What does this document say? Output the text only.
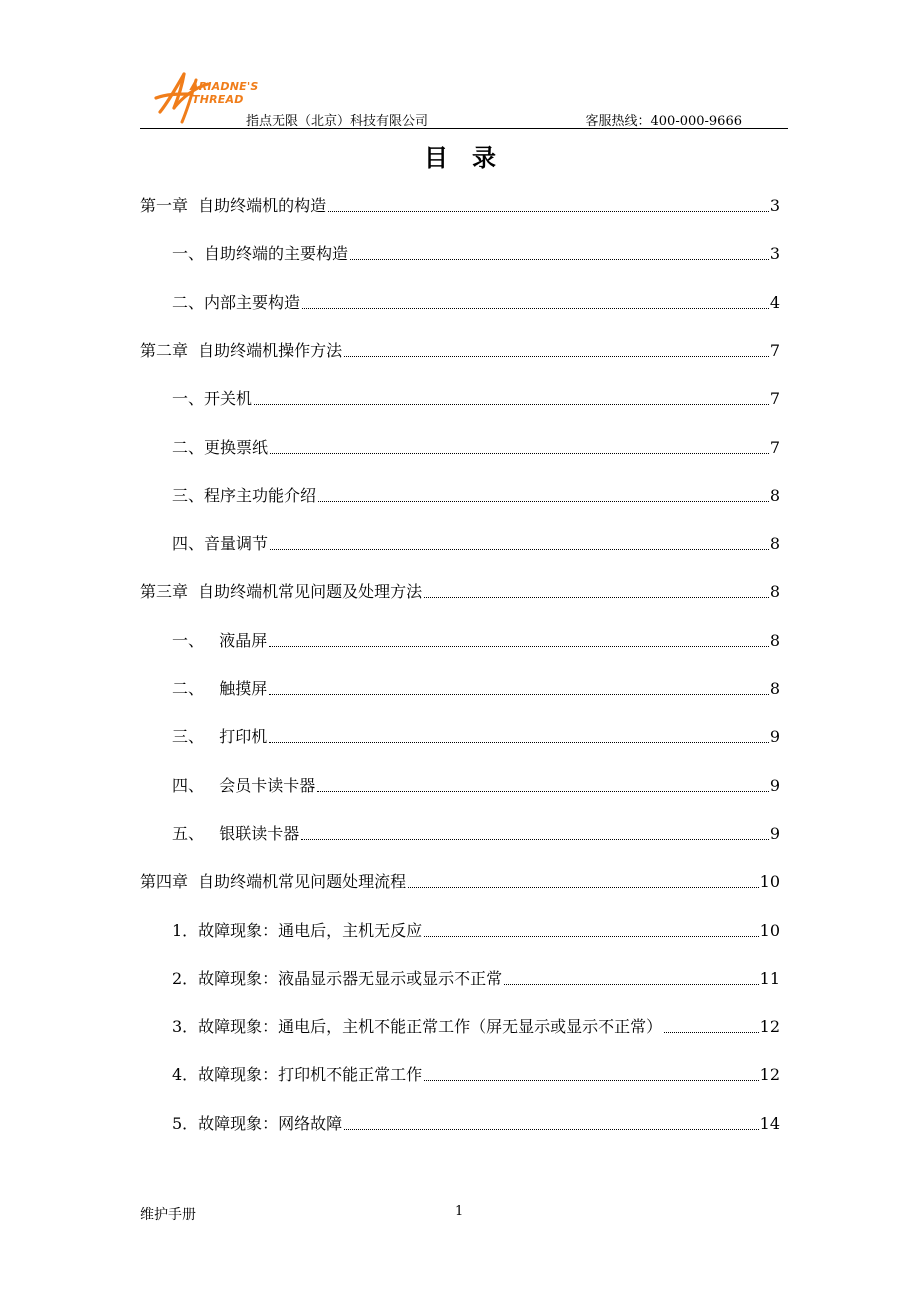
ARIADNE'S
THREAD
指点无限（北京）科技有限公司	客服热线：400-000-9666
目录
第一章  自助终端机的构造	3
一、自助终端的主要构造	3
二、内部主要构造	4
第二章  自助终端机操作方法	7
一、开关机	7
二、更换票纸	7
三、程序主功能介绍	8
四、音量调节	8
第三章  自助终端机常见问题及处理方法	8
一、   液晶屏	8
二、   触摸屏	8
三、   打印机	9
四、   会员卡读卡器	9
五、   银联读卡器	9
第四章  自助终端机常见问题处理流程	10
1．故障现象：通电后，主机无反应	10
2．故障现象：液晶显示器无显示或显示不正常	11
3．故障现象：通电后，主机不能正常工作（屏无显示或显示不正常）	12
4．故障现象：打印机不能正常工作	12
5．故障现象：网络故障	14
维护手册	1
